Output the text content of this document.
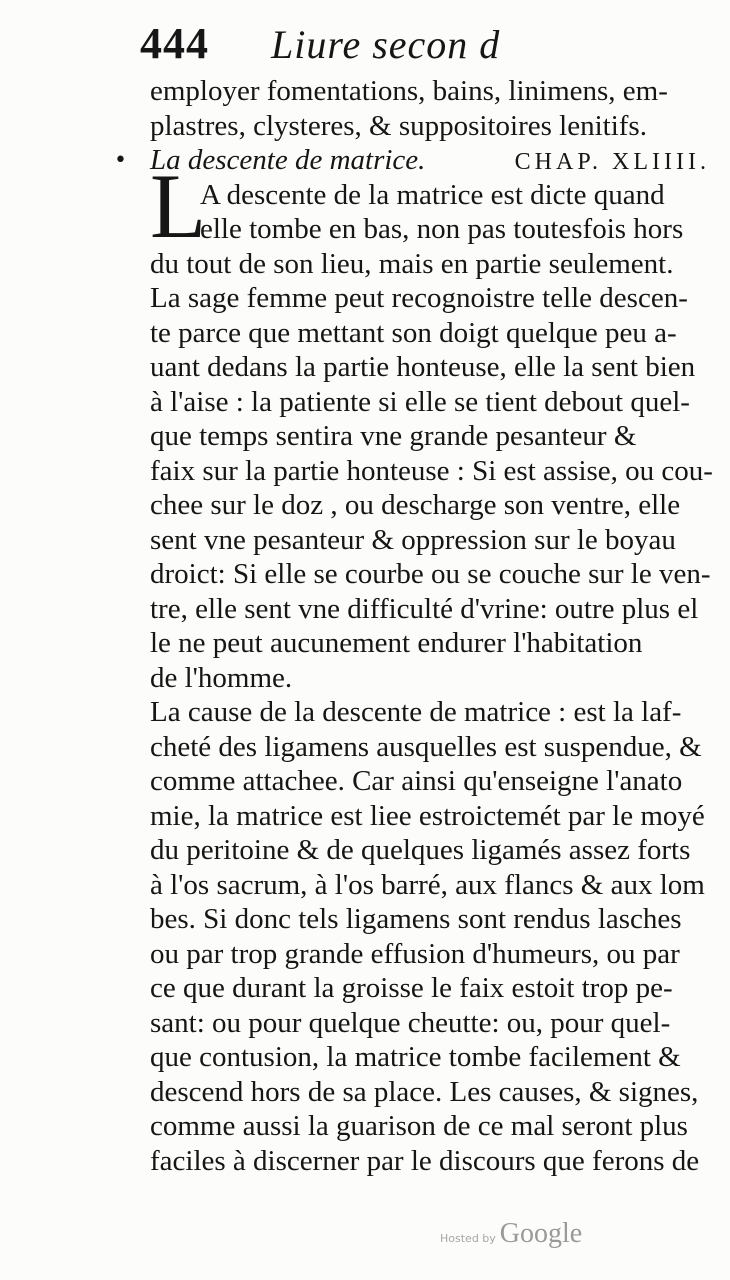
444 Liure secon d
•
employer fomentations, bains, linimens, em-
plastres, clysteres, & suppositoires lenitifs.
La descente de matrice.	CHAP. XLIIII.
A descente de la matrice est dicte quand
elle tombe en bas, non pas toutesfois hors
du tout de son lieu, mais en partie seulement.
La sage femme peut recognoistre telle descen-
te parce que mettant son doigt quelque peu a-
uant dedans la partie honteuse, elle la sent bien
à l'aise : la patiente si elle se tient debout quel-
que temps sentira vne grande pesanteur &
faix sur la partie honteuse : Si est assise, ou cou-
chee sur le doz , ou descharge son ventre, elle
sent vne pesanteur & oppression sur le boyau
droict: Si elle se courbe ou se couche sur le ven-
tre, elle sent vne difficulté d'vrine: outre plus el
le ne peut aucunement endurer l'habitation
de l'homme.
La cause de la descente de matrice : est la laf-
cheté des ligamens ausquelles est suspendue, &
comme attachee. Car ainsi qu'enseigne l'anato
mie, la matrice est liee estroictemét par le moyé
du peritoine & de quelques ligamés assez forts
à l'os sacrum, à l'os barré, aux flancs & aux lom
bes. Si donc tels ligamens sont rendus lasches
ou par trop grande effusion d'humeurs, ou par
ce que durant la groisse le faix estoit trop pe-
sant: ou pour quelque cheutte: ou, pour quel-
que contusion, la matrice tombe facilement &
descend hors de sa place. Les causes, & signes,
comme aussi la guarison de ce mal seront plus
faciles à discerner par le discours que ferons de
L
Hosted by Google
